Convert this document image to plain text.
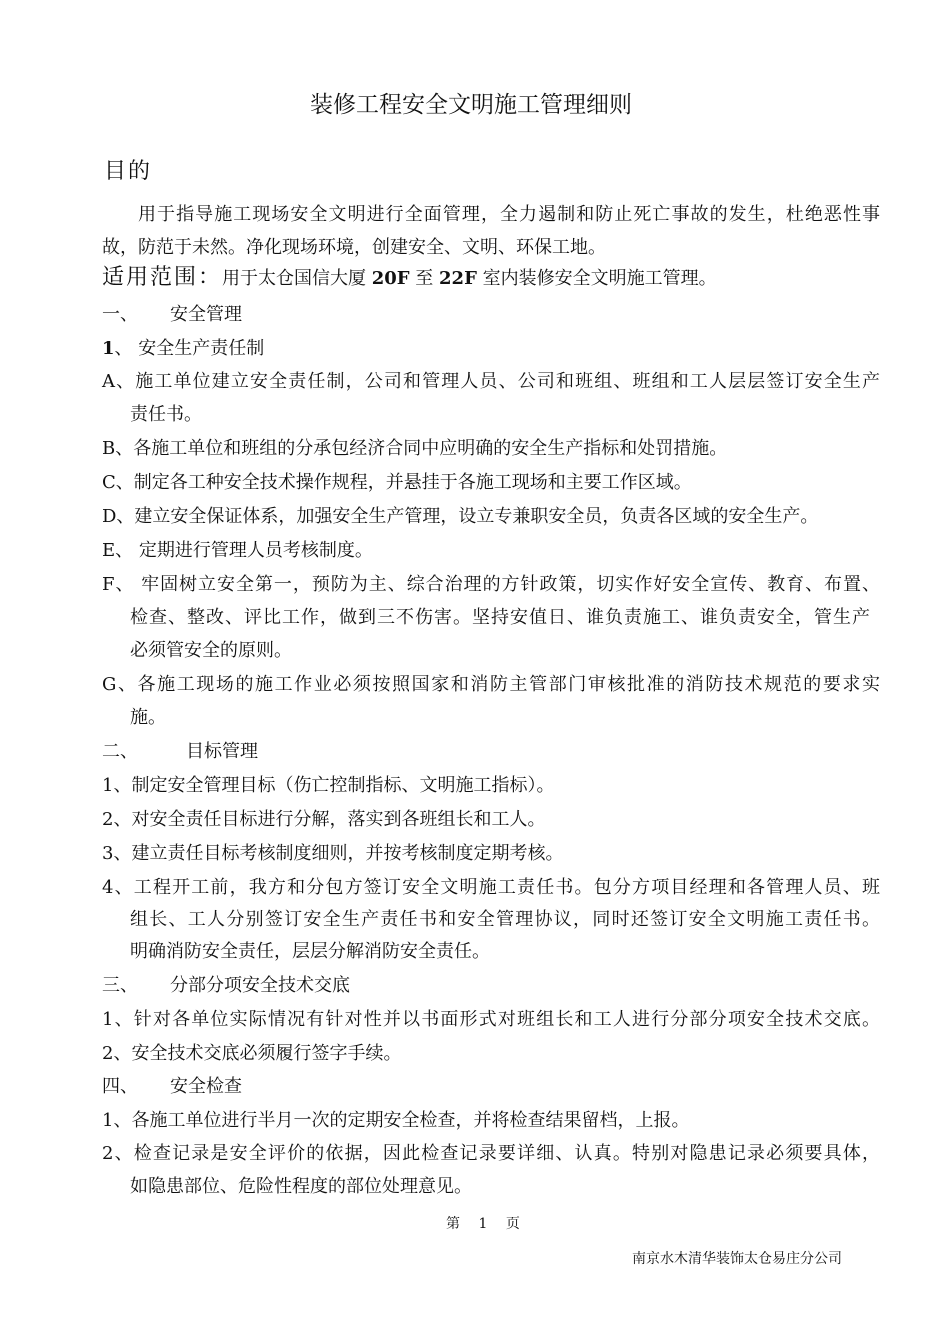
装修工程安全文明施工管理细则
目的
用于指导施工现场安全文明进行全面管理，全力遏制和防止死亡事故的发生，杜绝恶性事
故，防范于未然。净化现场环境，创建安全、文明、环保工地。
适用范围：用于太仓国信大厦 20F 至 22F 室内装修安全文明施工管理。
一、 安全管理
1、 安全生产责任制
A、施工单位建立安全责任制，公司和管理人员、公司和班组、班组和工人层层签订安全生产
责任书。
B、各施工单位和班组的分承包经济合同中应明确的安全生产指标和处罚措施。
C、制定各工种安全技术操作规程，并悬挂于各施工现场和主要工作区域。
D、建立安全保证体系，加强安全生产管理，设立专兼职安全员，负责各区域的安全生产。
E、 定期进行管理人员考核制度。
F、 牢固树立安全第一，预防为主、综合治理的方针政策，切实作好安全宣传、教育、布置、
检查、整改、评比工作，做到三不伤害。坚持安值日、谁负责施工、谁负责安全，管生产
必须管安全的原则。
G、各施工现场的施工作业必须按照国家和消防主管部门审核批准的消防技术规范的要求实
施。
二、	目标管理
1、制定安全管理目标（伤亡控制指标、文明施工指标）。
2、对安全责任目标进行分解，落实到各班组长和工人。
3、建立责任目标考核制度细则，并按考核制度定期考核。
4、工程开工前，我方和分包方签订安全文明施工责任书。包分方项目经理和各管理人员、班
组长、工人分别签订安全生产责任书和安全管理协议，同时还签订安全文明施工责任书。
明确消防安全责任，层层分解消防安全责任。
三、 分部分项安全技术交底
1、针对各单位实际情况有针对性并以书面形式对班组长和工人进行分部分项安全技术交底。
2、安全技术交底必须履行签字手续。
四、 安全检查
1、各施工单位进行半月一次的定期安全检查，并将检查结果留档，上报。
2、检查记录是安全评价的依据，因此检查记录要详细、认真。特别对隐患记录必须要具体，
如隐患部位、危险性程度的部位处理意见。
第 1 页
南京水木清华装饰太仓易庄分公司
